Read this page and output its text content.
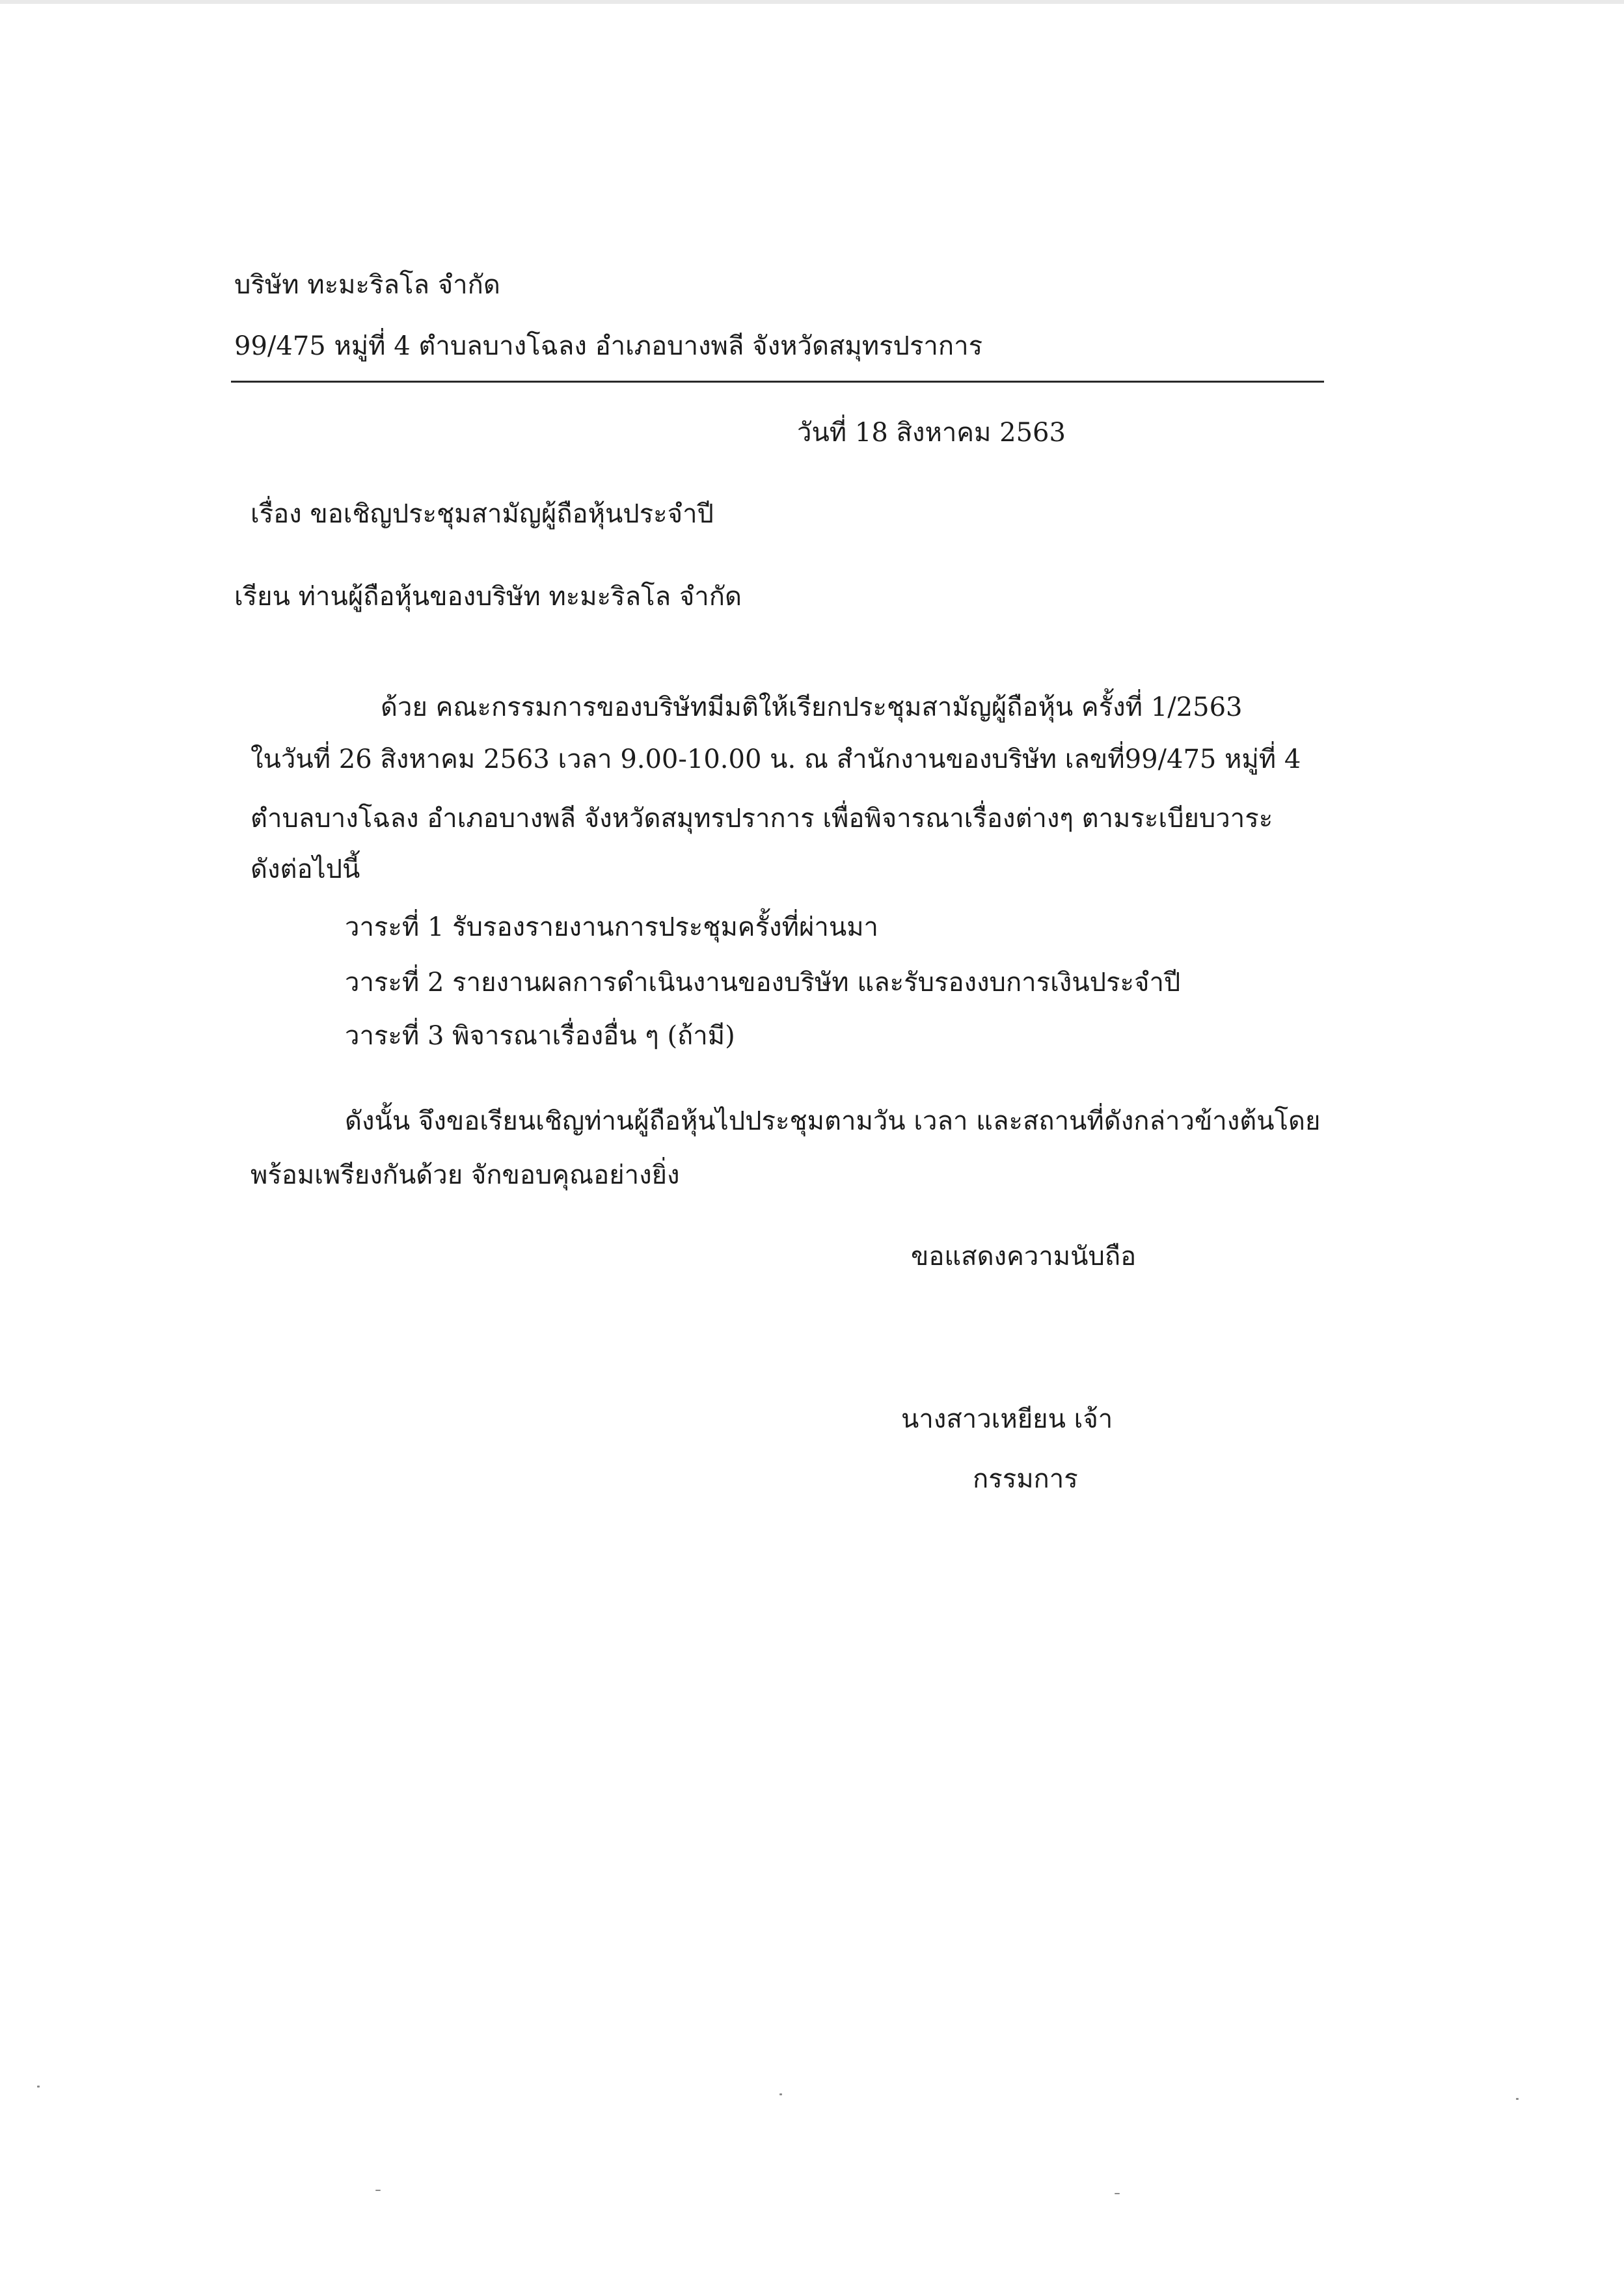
บริษัท ทะมะริลโล จำกัด
99/475 หมู่ที่ 4 ตำบลบางโฉลง อำเภอบางพลี จังหวัดสมุทรปราการ
วันที่ 18 สิงหาคม 2563
เรื่อง ขอเชิญประชุมสามัญผู้ถือหุ้นประจำปี
เรียน ท่านผู้ถือหุ้นของบริษัท ทะมะริลโล จำกัด
ด้วย คณะกรรมการของบริษัทมีมติให้เรียกประชุมสามัญผู้ถือหุ้น ครั้งที่ 1/2563
ในวันที่ 26 สิงหาคม 2563 เวลา 9.00-10.00 น. ณ สำนักงานของบริษัท เลขที่99/475 หมู่ที่ 4
ตำบลบางโฉลง อำเภอบางพลี จังหวัดสมุทรปราการ เพื่อพิจารณาเรื่องต่างๆ ตามระเบียบวาระ
ดังต่อไปนี้
วาระที่ 1 รับรองรายงานการประชุมครั้งที่ผ่านมา
วาระที่ 2 รายงานผลการดำเนินงานของบริษัท และรับรองงบการเงินประจำปี
วาระที่ 3 พิจารณาเรื่องอื่น ๆ (ถ้ามี)
ดังนั้น จึงขอเรียนเชิญท่านผู้ถือหุ้นไปประชุมตามวัน เวลา และสถานที่ดังกล่าวข้างต้นโดย
พร้อมเพรียงกันด้วย จักขอบคุณอย่างยิ่ง
ขอแสดงความนับถือ
นางสาวเหยียน เจ้า
กรรมการ
